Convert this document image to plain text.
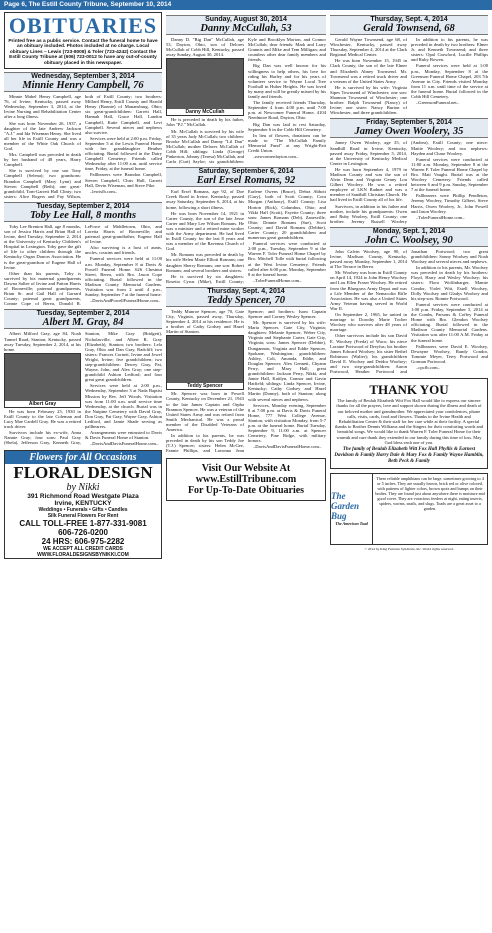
Page 6, The Estill County Tribune, September 10, 2014
OBITUARIES
Printed free as a public service. Contact the funeral home to have an obituary included. Photos included at no charge. Local obituary Lines – Lewis (723-8008) & Toler (723-4242) Contact the Estill County Tribune at (606) 723-0012 to have any out-of-county obituary placed in this newspaper.
Wednesday, September 3, 2014
Minnie Henry Campbell, 76

Minnie Mabel Henry Campbell, age 76, of Irvine, Kentucky, passed away Wednesday, September 3, 2014, at the Irvine Nursing and Rehabilitation Center after a long illness.

She was born November 26, 1937, a daughter of the late Andrew Jackson "A.J." and Ida Wiseman Henry. She lived all her life in Estill County and was a member of the White Oak Church of God.

Mrs. Campbell was preceded in death by her husband of 48 years, Harry Campbell.

She is survived by one son Tony Campbell (Selena); two grandsons: Brandon Campbell (Mary Lynn) and Steven Campbell (Beth); one great-grandchild, Tom-Garrett Hall Clinty; two sisters: Alice Rogers and Fay Wilson, both of Estill County; two brothers: Millard Henry, Estill County and Harold Henry (Bonnie) of Manansburg, Ohio; six great-grandchildren: Garrett Hall, Hannah Hall, Grace Hall, Landon Campbell, Katie Campbell, and Levi Campbell. Several nieces and nephews also survive.

Services were held at 2:00 p.m. Friday, September 5 at the Lewis Funeral Home with her granddaughter Heather officiating. Burial followed in the Dairy Campbell Cemetery. Friends called Wednesday after 11:00 a.m. until service time, Friday, at the funeral home.

Pallbearers were Brandon Campbell, Steven Campbell, Chris Hall, Garrett Hall, Devin Wiseman, and Steve Pike.

–lewisfh.com–

Tuesday, September 2, 2014
Toby Lee Hall, 8 months

Toby Lee Brenton Hall, age 8 months, son of Jessica Harris and Brian Hall of Irvine, died Tuesday, September 2, 2014 at the University of Kentucky Children's Hospital in Lexington. Toby gave the gift of life to other children through the Kentucky Organ Donors Association. He is the great-grandson of Eugene Hall of Irvine.

Other than his parents, Toby is survived by his maternal grandparents Dawna Sallee of Irvine and Patton Harris of Booneville; paternal grandparents, Brian Sr. and Gail Hall of Garrard County; paternal great grandparents, Connie Cope of Berea, Donald R. LeForce of Middletown, Ohio, and Loretta Harris of Booneville; and paternal great-grandfather, Eugene Hall of Irvine.

Also surviving is a host of aunts, uncles, cousins and friends.

Funeral services were held at 11:00 a.m. Monday, September 8 at Davis & Powell Funeral Home. 626 Chestnut Street, Berea, with Bro. Jason Cope officiating. Burial followed in the Madison County Memorial Gardens. Visitation was from 2 until 4 p.m., Sunday, September 7 at the funeral home.

–DavisAndPowellFuneralHome.com–

Tuesday, September 2, 2014
Albert M. Gray, 84

Albert Milford Gray, age 84, Noah Tunnel Road, Stanton, Kentucky, passed away Tuesday, September 2, 2014, at his home.

Albert Gray

He was born February 25, 1930 in Estill County to the late Coleman and Lucy Mae Cardell Gray. He was a retired truck driver.

Survivors include his ex-wife, Anna Nannie Gray; four sons: Paul Gray (Shela), Jefferson Gray, Kenneth Gray, Stanton, Mike Gray (Bridgett), Nicholasville, and Albert R. Gray (Elizabeth), Stanton; two brothers: Lela Gray, Ohio and Dan Gray, Radcliff; two sisters: Frances Cornett, Irvine and Jewel Wright, Irvine; five grandchildren; two step-grandchildren: Dewey Gray, Pat, Wayne, John, and Alex Gray; one step-grandchild Ashton Ledford; and four great great grandchildren.

Services were held at 2:00 p.m., Wednesday, September 3 at Nada Baptist Mission by Rev. Jeff Woods. Visitation was from 11:00 a.m. until service time Wednesday, at the church. Burial was in the Nutpine Cemetery with David Gray, Don Gray, Pat Gray, Wayne Gray, Ashton Ledford, and Jamie Shade serving as pallbearers.

Arrangements were entrusted to Davis & Davis Funeral Home of Stanton.

–DavisAndDavisFuneralHome.com–

Flowers for All Occasions
FLORAL DESIGN
by Nikki
391 Richmond Road Westgate Plaza
Irvine, KENTUCKY
Weddings • Funerals • Gifts • Candles
Silk Funeral Flowers For Rent
CALL TOLL-FREE 1-877-331-9081
606-726-0200
24 HRS: 606-975-2282
WE ACCEPT ALL CREDIT CARDS
WWW.FLORALDESIGNSBYNIKKI.COM
Sunday, August 30, 2014
Danny McCullah, 53

Danny D. "Big Dan" McCullah, age 53, Dayton, Ohio, son of Delores McCullah of Cobb Hill, Kentucky, passed away Sunday, August 30, 2014.

Danny McCullah

He is preceded in death by his father, John "P.J." McCullah.

Mr. McCullah is survived by his wife of 35 years Judy McCullah; two children: Brooke McCullah and Danny "Lil Dan" McCullah; mother Delores McCullah of Cobb Hill; siblings: Linda (George) Pinkerton, Johnny (Teresa) McCullah, and Carla (Curt) Saylor; six grandchildren: Kyle and Brooklyn Morton, and Connor McCullah; dear friends: Mark and Larry Grannis and Mike and Tem Milligan; and countless other dear family members and friends.

Big Dan was well known for his willingness to help others, his love for riding his Harley and for his years of volunteer service to Wayne Local Tree Football in Huber Heights. He was loved by many and will be greatly missed by his family and friends.

The family received friends Thursday, September 4 from 4:00 p.m. until 7:00 p.m. at Newcomer Funeral Home, 4104 Needmore Road, Dayton, Ohio.

Big Dan was laid to rest Saturday, September 6 in the Cobb Hill Cemetery.

In lieu of flowers, donations can be made to: "The McCullah Family Memorial Fund" at any Wright-Patt Credit Union.

–newcomerdayton.com–

Saturday, September 6, 2014
Earl Ersel Romans, 92

Earl Ersel Romans, age 92, of Doe Creek Road in Irvine, Kentucky, passed away Saturday, September 6, 2014, at his home, following a short illness.

He was born November 14, 1921 in Carter County, the son of the late Jesse Carter and Mary Lee Wilson Romans. He was a minister and a retired mine worker with the Army department. He had lived in Estill County for the last 8 years and was a member of the Ravenna Church of God.

Mr. Romans was preceded in death by his wife Helen Marie Elliott Romans; one daughter Sherry Romans; one son: Robert Romans; and several brothers and sisters.

He is survived by six daughters: Rosetta Cyrus (Mike), Estill County; Earlene Owens (Bruce), Debra Abbott (Gary), both of Scott County; Cora Morgan (Anthony), Estill County; Lisa Horton (Rick), Columbus, Ohio; and Vikki Hall (Scott), Fayette County; three sons: James Romans (Deb), Zanesville, Ohio; Donnie Romans (Sue), Scott County; and David Romans (Debbie), Carter County; 20 grandchildren and numerous great grandchildren.

Funeral services were conducted at 2:00 p.m., Tuesday, September 9 at the Warren F. Toler Funeral Home Chapel by Bro. Mitchell Tolle with burial following at the West Irvine Cemetery. Friends called after 6:00 p.m. Monday, September 8 at the funeral home.

–TolerFuneralHome.com–

Thursday, Sept. 4, 2014
Teddy Spencer, 70

Teddy Munroe Spencer, age 70, Gate City, Virginia, passed away, Thursday, September 4, 2014 at his residence. He is a brother of Cathy Godsey and Hazel Martin of Stanton.

Teddy Spencer

Mr. Spencer was born in Powell County, Kentucky on December 21, 1943 to the late James Captain and Orpha Brannon Spencer. He was a veteran of the United States Army and was retired from Smith Mechanical. He was a proud member of the Disabled Veterans of America.

In addition to his parents, he was preceded in death by his son Teddy Joe (T.J.) Spencer; sisters: Helen McGee, Fannie Phillips, and Lavonna Jean Spencer; and brothers: Isom Captain Spencer and Corney Wesley Spencer.

Mr. Spencer is survived by his wife: Maria Spencer, Gate City, Virginia; daughters: Melanie Spencer, Weber City, Virginia and Stephanie Carter, Gate City, Virginia; sons: James Spencer (Debbie), Dungannon, Virginia and Eddie Spencer, Spokane, Washington; grandchildren: Ashley, Colt, Amanda, Eddie, and Douglas Spencer; Alex Gennett, Chyann Perry, and Mary Hall; great grandchildren: Jackson Perry, Nikki, and Jamie Hall, Kaitlyn, Connor and Gavin Hatfield; siblings: Linda Spencer, Irvine, Kentucky; Cathy Godsey and Hazel Martin (Donny), both of Stanton; along with several nieces and nephews.

Services, Monday evening, September 8 at 7:00 p.m. at Davis & Davis Funeral Home, 777 West College Avenue, Stanton, with visitation Monday, from 5-7 p.m. at the funeral home. Burial Tuesday, September 9, 11:00 a.m. at Spencer Cemetery, Pine Ridge, with military honors.

–DavisAndDavisFuneralHome.com–

Visit Our Website At
www.EstillTribune.com
For Up-To-Date Obituaries
Thursday, Sept. 4, 2014
Gerald Townsend, 68

Gerald Wayne Townsend, age 68, of Winchester, Kentucky, passed away Thursday, September 4, 2014 at the Clark Regional Medical Center.

He was born November 15, 1945 in Clark County, the son of the late Elmer and Elizabeth Abney Townsend. Mr. Townsend was a retired truck driver and a veteran of the United States Army.

He is survived by his wife: Virginia Sipes Townsend of Winchester; one son: Shannon Townsend of Winchester; one brother: Ralph Townsend (Nancy) of Irvine; one sister: Nancy Burton of Winchester, and three grandchildren.

In addition to his parents, he was preceded in death by two brothers: Elmer Jr. and Kenneth Townsend; and three sisters: Opal Crawford, Lucille Phillips and Ruby Bowen.

Funeral services were held at 1:00 p.m., Monday, September 8 at the Greenson Funeral Home Chapel, 203 7th Avenue in City. Friends visited Monday from 11 a.m. until time of the service at the funeral home. Burial followed in the Cobb Hill Cemetery.

–GreensonFuneral.net–

Friday, September 5, 2014
Jamey Owen Woolery, 35

Jamey Owen Woolery, age 35, of Sandhill Road in Irvine, Kentucky, passed away Friday, September 5, 2014, at the University of Kentucky Medical Center in Lexington.

He was born September 4, 1979 in Madison County and was the son of Alvin Dean and Virginia Genny Lou Gilbert Woolery. He was a retired employee of LKN Radnet and was a member of Sandhill Christian Church. He had lived in Estill County all of his life.

Survivors, in addition to his father and mother, include his grandparents: Owen and Ruby Woolery, Estill County; one brother: Jeremy Russell Woolery (Andrea), Estill County; one niece: Mattie Woolery; and two nephews: Hayden and Chase Woolery.

Funeral services were conducted at 11:00 a.m. Monday, September 8 at the Warren F. Toler Funeral Home Chapel by Bro. Matt Vaught. Burial was at the Woolery Cemetery. Friends called between 6 and 9 p.m. Sunday, September 7 at the funeral home.

Pallbearers were Phillip Pendleton, Jeremy Woolery, Timothy Gilbert, Steve Harris, Owen Woolery, Jr., John Powell and Jason Woolery.

–TolerFuneralHome.com–

Monday, Sept. 1, 2014
John C. Woolsey, 90

John Calvin Woolsey, age 90, of Irvine, Madison County, Kentucky, passed away Monday, September 1, 2014 at The Terrace in Berea.

Mr. Woolsey was born in Estill County on April 14, 1924 to John Henry Woolsey and Lou Ellen Fraser Woolsey. He retired from the Bluegrass Army Depot and was a Life Member of the Nemacolin Rifle Association. He was also a United States Army Veteran having served in World War II.

On September 2, 1965, he united in marriage to Dorothy Marie Tocher Woolsey who survives after 48 years of marriage.

Other survivors include his son David E. Woolsey (Freda) of Waco; his niece Loraine Portwood of Dreyfus; his brother James Edward Woolsey; his sister Bethel Robinson (Walter); his grandchildren David E. Woolsey and Deidra Woolsey; and two step-grandchildren: Aaron Portwood, Heather Portwood and Jonathan Portwood; two great grandchildren: Sonny Woolsey and Noah Woolsey and several nieces and nephews.

In addition to his parents, Mr. Woolsey was preceded in death by his brothers: Floyd, Harry and Wesley Woolsey; his sisters: Flora Wolfinbarger, Mamie Condor, Violet Witt, Estell Woolsey, Dolly Woolsey and Gladys Woolsey and his step-son: Ronnie Portwood.

Funeral services were conducted at 1:00 p.m. Friday, September 5, 2014 at the Combs, Parsons & Coffey Funeral Home with Bro. Glendon Woolsey officiating. Burial followed in the Madison County Memorial Gardens. Visitation was after 11:00 A.M. Friday at the funeral home.

Pallbearers were David E. Woolsey, Dewayne Woolsey, Randy Condor, Tommie Meyer, Terry Portwood and Gorman Portwood.

–cpcfh.com–

THANK YOU
The family of Beulah Elizabeth Witt Fox Hall would like to express our sincere thanks for all the prayers, love and support shown during the illness and death of our beloved mother and grandmother. We appreciated your condolences, phone calls, visits, cards, food and flowers. Thanks to the Irvine Health and Rehabilitation Center & their staff for her care while at their facility. A special thanks to Brother Dennis Williams and the Singers for their comforting words and beautiful songs. We would like to thank Warren F. Toler Funeral Home for their warmth and care thank they extended to our family during this time of loss. May God bless each one of you.
The family of Beulah Elizabeth Witt Fox Hall Phyllis & Earnest Davidson & Family Harry Dale & Mary Fox & Family Wayne Hamblin, Beth Peck & Family
The Garden Bug
The American Toad
These reliable amphibians can be large, sometimes growing to 4 or 5 inches. They are usually brown, brick red or olive colored, with patterns of lighter colors, brown spots and bumps on their bodies. They are found just about anywhere there is moisture and good cover. They are voracious feeders at night, eating insects, spiders, worms, snails, and slugs. Toads are a great asset to a garden.
© 2014 by King Features Syndicate, Inc. World rights reserved.
